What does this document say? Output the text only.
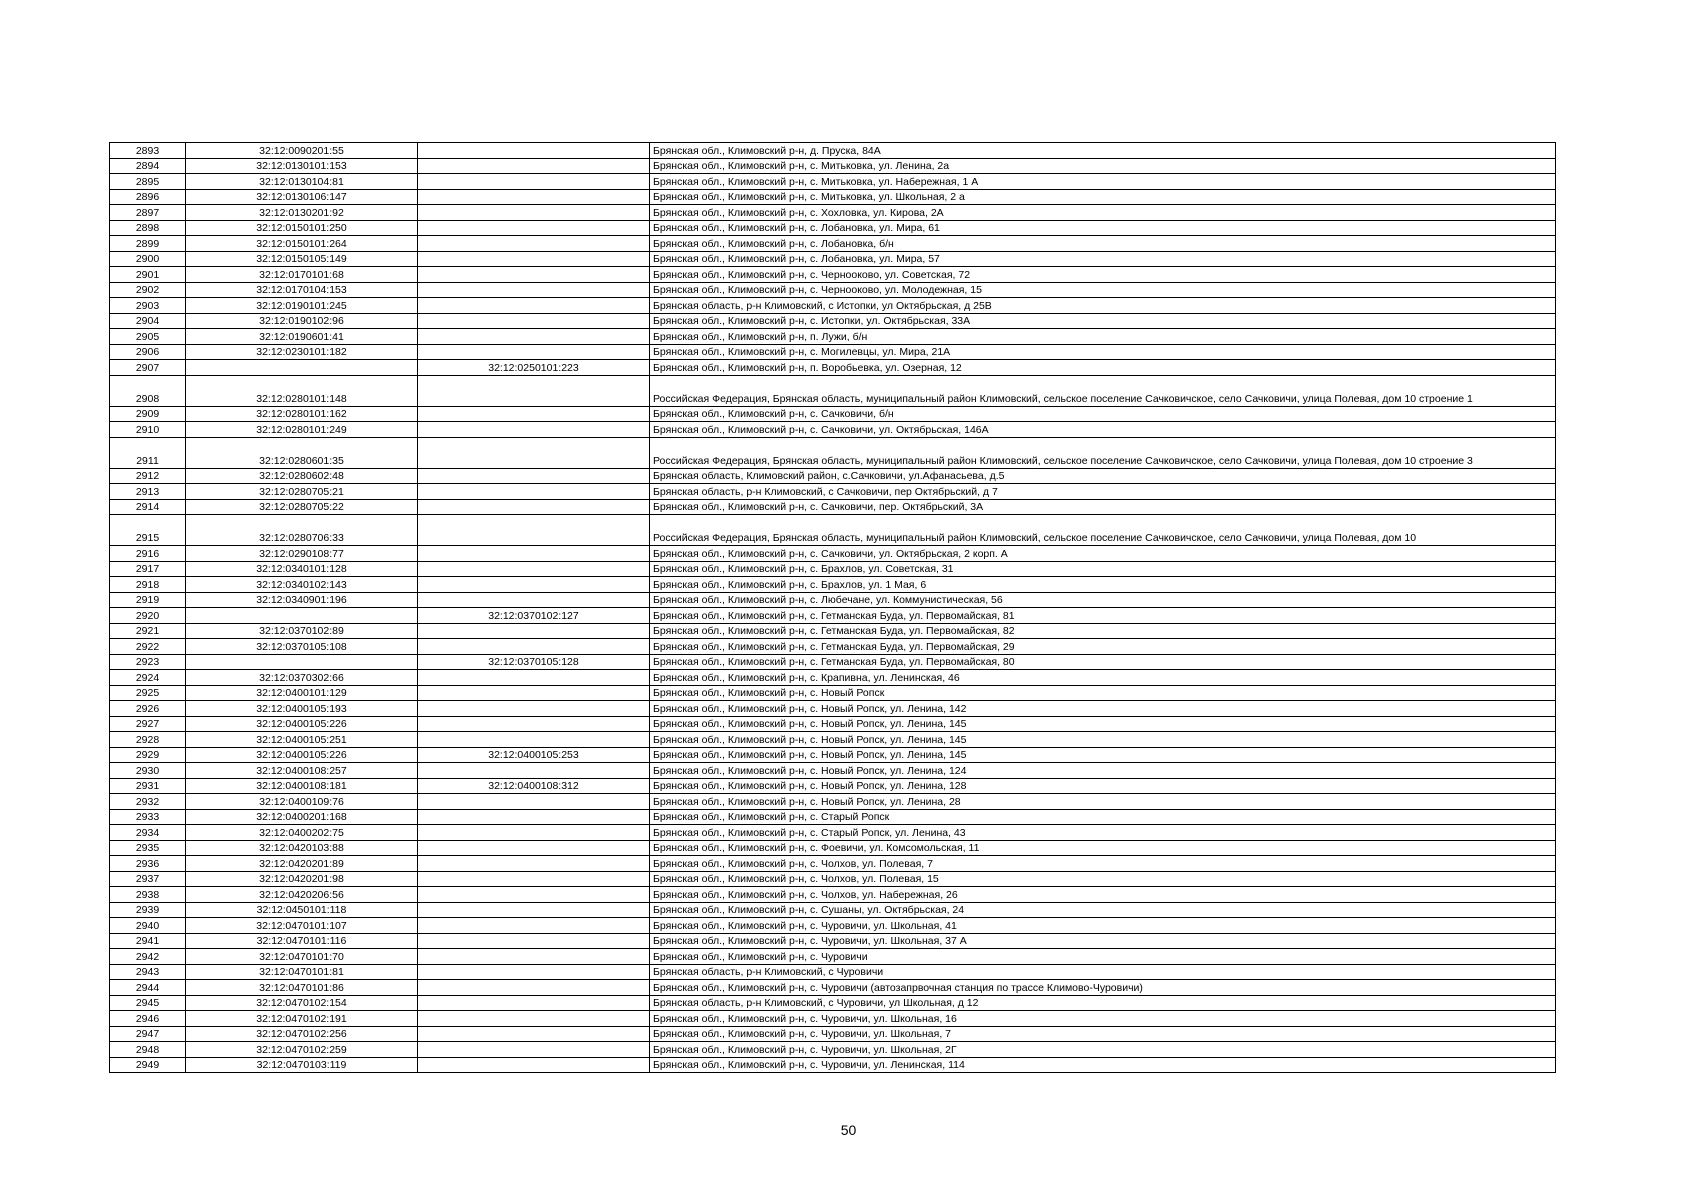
2893	32:12:0090201:55		Брянская обл., Климовский р-н, д. Пруска, 84А
2894	32:12:0130101:153		Брянская обл., Климовский р-н, с. Митьковка, ул. Ленина, 2а
2895	32:12:0130104:81		Брянская обл., Климовский р-н, с. Митьковка, ул. Набережная, 1 А
2896	32:12:0130106:147		Брянская обл., Климовский р-н, с. Митьковка, ул. Школьная, 2 а
2897	32:12:0130201:92		Брянская обл., Климовский р-н, с. Хохловка, ул. Кирова, 2А
2898	32:12:0150101:250		Брянская обл., Климовский р-н, с. Лобановка, ул. Мира, 61
2899	32:12:0150101:264		Брянская обл., Климовский р-н, с. Лобановка, б/н
2900	32:12:0150105:149		Брянская обл., Климовский р-н, с. Лобановка, ул. Мира, 57
2901	32:12:0170101:68		Брянская обл., Климовский р-н, с. Чернооково, ул. Советская, 72
2902	32:12:0170104:153		Брянская обл., Климовский р-н, с. Чернооково, ул. Молодежная, 15
2903	32:12:0190101:245		Брянская область, р-н Климовский, с Истопки, ул Октябрьская, д 25В
2904	32:12:0190102:96		Брянская обл., Климовский р-н, с. Истопки, ул. Октябрьская, 33А
2905	32:12:0190601:41		Брянская обл., Климовский р-н, п. Лужи, б/н
2906	32:12:0230101:182		Брянская обл., Климовский р-н, с. Могилевцы, ул. Мира, 21А
2907		32:12:0250101:223	Брянская обл., Климовский р-н, п. Воробьевка, ул. Озерная, 12
2908	32:12:0280101:148		Российская Федерация, Брянская область, муниципальный район Климовский, сельское поселение Сачковичское, село Сачковичи, улица Полевая, дом 10 строение 1
2909	32:12:0280101:162		Брянская обл., Климовский р-н, с. Сачковичи, б/н
2910	32:12:0280101:249		Брянская обл., Климовский р-н, с. Сачковичи, ул. Октябрьская, 146А
2911	32:12:0280601:35		Российская Федерация, Брянская область, муниципальный район Климовский, сельское поселение Сачковичское, село Сачковичи, улица Полевая, дом 10 строение 3
2912	32:12:0280602:48		Брянская область, Климовский район, с.Сачковичи, ул.Афанасьева, д.5
2913	32:12:0280705:21		Брянская область, р-н Климовский, с Сачковичи, пер Октябрьский, д 7
2914	32:12:0280705:22		Брянская обл., Климовский р-н, с. Сачковичи, пер. Октябрьский, 3А
2915	32:12:0280706:33		Российская Федерация, Брянская область, муниципальный район Климовский, сельское поселение Сачковичское, село Сачковичи, улица Полевая, дом 10
2916	32:12:0290108:77		Брянская обл., Климовский р-н, с. Сачковичи, ул. Октябрьская, 2 корп. А
2917	32:12:0340101:128		Брянская обл., Климовский р-н, с. Брахлов, ул. Советская, 31
2918	32:12:0340102:143		Брянская обл., Климовский р-н, с. Брахлов, ул. 1 Мая, 6
2919	32:12:0340901:196		Брянская обл., Климовский р-н, с. Любечане, ул. Коммунистическая, 56
2920		32:12:0370102:127	Брянская обл., Климовский р-н, с. Гетманская Буда, ул. Первомайская, 81
2921	32:12:0370102:89		Брянская обл., Климовский р-н, с. Гетманская Буда, ул. Первомайская, 82
2922	32:12:0370105:108		Брянская обл., Климовский р-н, с. Гетманская Буда, ул. Первомайская, 29
2923		32:12:0370105:128	Брянская обл., Климовский р-н, с. Гетманская Буда, ул. Первомайская, 80
2924	32:12:0370302:66		Брянская обл., Климовский р-н, с. Крапивна, ул. Ленинская, 46
2925	32:12:0400101:129		Брянская обл., Климовский р-н, с. Новый Ропск
2926	32:12:0400105:193		Брянская обл., Климовский р-н, с. Новый Ропск, ул. Ленина, 142
2927	32:12:0400105:226		Брянская обл., Климовский р-н, с. Новый Ропск, ул. Ленина, 145
2928	32:12:0400105:251		Брянская обл., Климовский р-н, с. Новый Ропск, ул. Ленина, 145
2929	32:12:0400105:226	32:12:0400105:253	Брянская обл., Климовский р-н, с. Новый Ропск, ул. Ленина, 145
2930	32:12:0400108:257		Брянская обл., Климовский р-н, с. Новый Ропск, ул. Ленина, 124
2931	32:12:0400108:181	32:12:0400108:312	Брянская обл., Климовский р-н, с. Новый Ропск, ул. Ленина, 128
2932	32:12:0400109:76		Брянская обл., Климовский р-н, с. Новый Ропск, ул. Ленина, 28
2933	32:12:0400201:168		Брянская обл., Климовский р-н, с. Старый Ропск
2934	32:12:0400202:75		Брянская обл., Климовский р-н, с. Старый Ропск, ул. Ленина, 43
2935	32:12:0420103:88		Брянская обл., Климовский р-н, с. Фоевичи, ул. Комсомольская, 11
2936	32:12:0420201:89		Брянская обл., Климовский р-н, с. Чолхов, ул. Полевая, 7
2937	32:12:0420201:98		Брянская обл., Климовский р-н, с. Чолхов, ул. Полевая, 15
2938	32:12:0420206:56		Брянская обл., Климовский р-н, с. Чолхов, ул. Набережная, 26
2939	32:12:0450101:118		Брянская обл., Климовский р-н, с. Сушаны, ул. Октябрьская, 24
2940	32:12:0470101:107		Брянская обл., Климовский р-н, с. Чуровичи, ул. Школьная, 41
2941	32:12:0470101:116		Брянская обл., Климовский р-н, с. Чуровичи, ул. Школьная, 37 А
2942	32:12:0470101:70		Брянская обл., Климовский р-н, с. Чуровичи
2943	32:12:0470101:81		Брянская область, р-н Климовский, с Чуровичи
2944	32:12:0470101:86		Брянская обл., Климовский р-н, с. Чуровичи (автозапрвочная станция по трассе Климово-Чуровичи)
2945	32:12:0470102:154		Брянская область, р-н Климовский, с Чуровичи, ул Школьная, д 12
2946	32:12:0470102:191		Брянская обл., Климовский р-н, с. Чуровичи, ул. Школьная, 16
2947	32:12:0470102:256		Брянская обл., Климовский р-н, с. Чуровичи, ул. Школьная, 7
2948	32:12:0470102:259		Брянская обл., Климовский р-н, с. Чуровичи, ул. Школьная, 2Г
2949	32:12:0470103:119		Брянская обл., Климовский р-н, с. Чуровичи, ул. Ленинская, 114
50
